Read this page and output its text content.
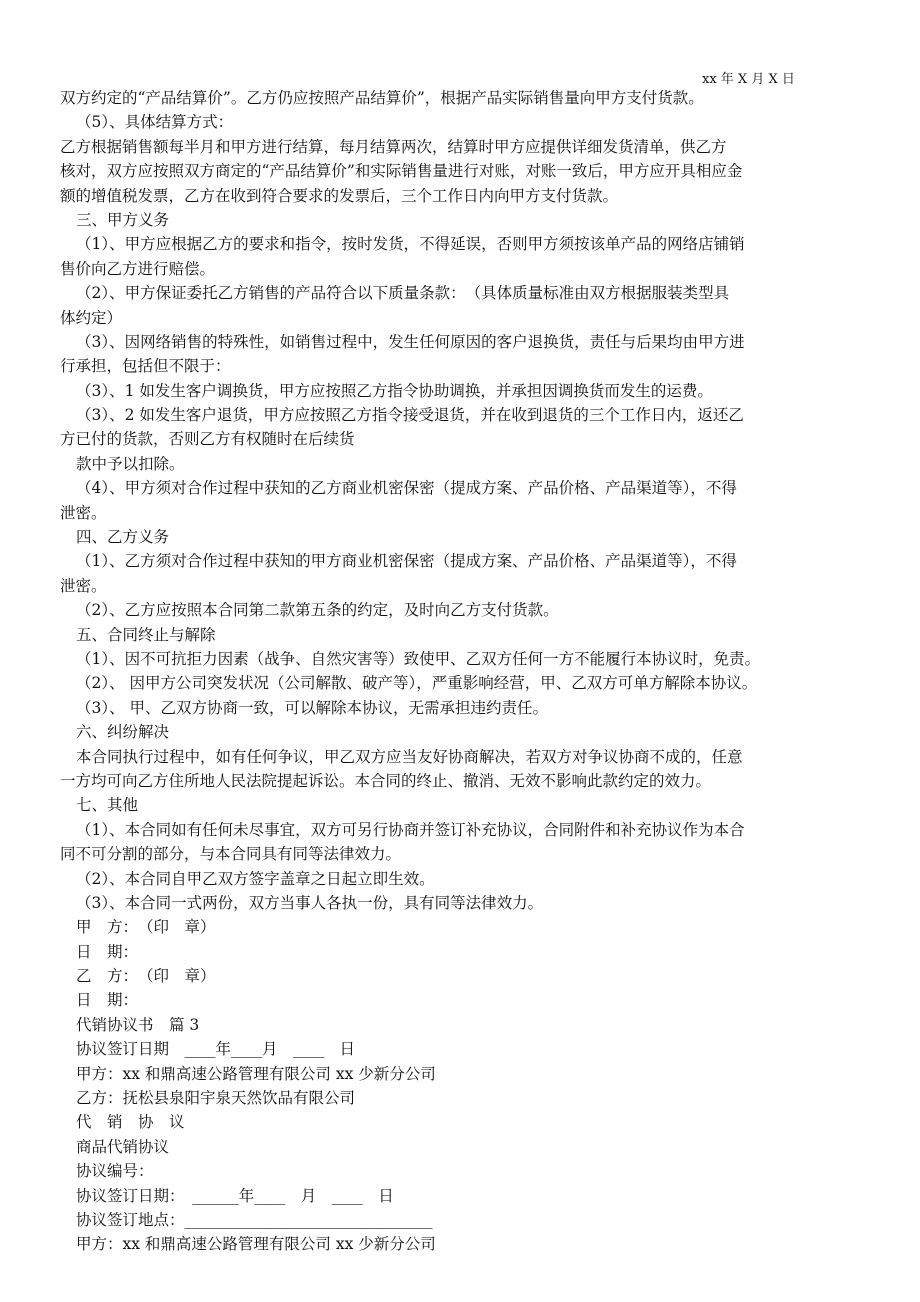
xx 年 X 月 X 日
双方约定的“产品结算价”。乙方仍应按照产品结算价”，根据产品实际销售量向甲方支付货款。
（5）、具体结算方式：
乙方根据销售额每半月和甲方进行结算，每月结算两次，结算时甲方应提供详细发货清单，供乙方
核对，双方应按照双方商定的“产品结算价”和实际销售量进行对账，对账一致后，甲方应开具相应金
额的增值税发票，乙方在收到符合要求的发票后，三个工作日内向甲方支付货款。
三、甲方义务
（1）、甲方应根据乙方的要求和指令，按时发货，不得延误，否则甲方须按该单产品的网络店铺销
售价向乙方进行赔偿。
（2）、甲方保证委托乙方销售的产品符合以下质量条款：　（具体质量标准由双方根据服装类型具
体约定）
（3）、因网络销售的特殊性，如销售过程中，发生任何原因的客户退换货，责任与后果均由甲方进
行承担，包括但不限于：
（3）、1 如发生客户调换货，甲方应按照乙方指令协助调换，并承担因调换货而发生的运费。
（3）、2 如发生客户退货，甲方应按照乙方指令接受退货，并在收到退货的三个工作日内，返还乙
方已付的货款，否则乙方有权随时在后续货
款中予以扣除。
（4）、甲方须对合作过程中获知的乙方商业机密保密（提成方案、产品价格、产品渠道等），不得
泄密。
四、乙方义务
（1）、乙方须对合作过程中获知的甲方商业机密保密（提成方案、产品价格、产品渠道等），不得
泄密。
（2）、乙方应按照本合同第二款第五条的约定，及时向乙方支付货款。
五、合同终止与解除
（1）、因不可抗拒力因素（战争、自然灾害等）致使甲、乙双方任何一方不能履行本协议时，免责。
（2）、 因甲方公司突发状况（公司解散、破产等），严重影响经营，甲、乙双方可单方解除本协议。
（3）、 甲、乙双方协商一致，可以解除本协议，无需承担违约责任。
六、纠纷解决
本合同执行过程中，如有任何争议，甲乙双方应当友好协商解决，若双方对争议协商不成的，任意
一方均可向乙方住所地人民法院提起诉讼。本合同的终止、撤消、无效不影响此款约定的效力。
七、其他
（1）、本合同如有任何未尽事宜，双方可另行协商并签订补充协议，合同附件和补充协议作为本合
同不可分割的部分，与本合同具有同等法律效力。
（2）、本合同自甲乙双方签字盖章之日起立即生效。
（3）、本合同一式两份，双方当事人各执一份，具有同等法律效力。
甲　方：　（印　章）
日　期：
乙　方：　（印　章）
日　期：
代销协议书　篇 3
协议签订日期　____年____月　____　日
甲方：xx 和鼎高速公路管理有限公司 xx 少新分公司
乙方：抚松县泉阳宇泉天然饮品有限公司
代　销　协　议
商品代销协议
协议编号：
协议签订日期：　______年____　月　____　日
协议签订地点：________________________________
甲方：xx 和鼎高速公路管理有限公司 xx 少新分公司
